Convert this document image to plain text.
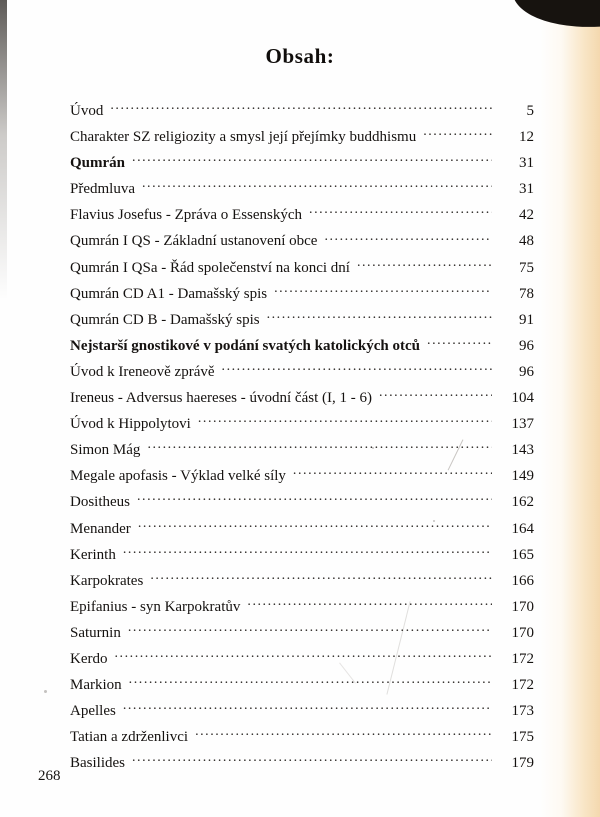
Obsah:
Úvod .....	5
Charakter SZ religiozity a smysl její přejímky buddhismu .....	12
Qumrán .....	31
Předmluva .....	31
Flavius Josefus - Zpráva o Essenských .....	42
Qumrán I QS - Základní ustanovení obce .....	48
Qumrán I QSa - Řád společenství na konci dní .....	75
Qumrán CD A1 - Damašský spis .....	78
Qumrán CD B - Damašský spis .....	91
Nejstarší gnostikové v podání svatých katolických otců .....	96
Úvod k Ireneově zprávě .....	96
Ireneus - Adversus haereses - úvodní část (I, 1 - 6) .....	104
Úvod k Hippolytovi .....	137
Simon Mág .....	143
Megale apofasis - Výklad velké síly .....	149
Dositheus .....	162
Menander .....	164
Kerinth .....	165
Karpokrates .....	166
Epifanius - syn Karpokratův .....	170
Saturnin .....	170
Kerdo .....	172
Markion .....	172
Apelles .....	173
Tatian a zdrženlivci .....	175
Basilides .....	179
268
